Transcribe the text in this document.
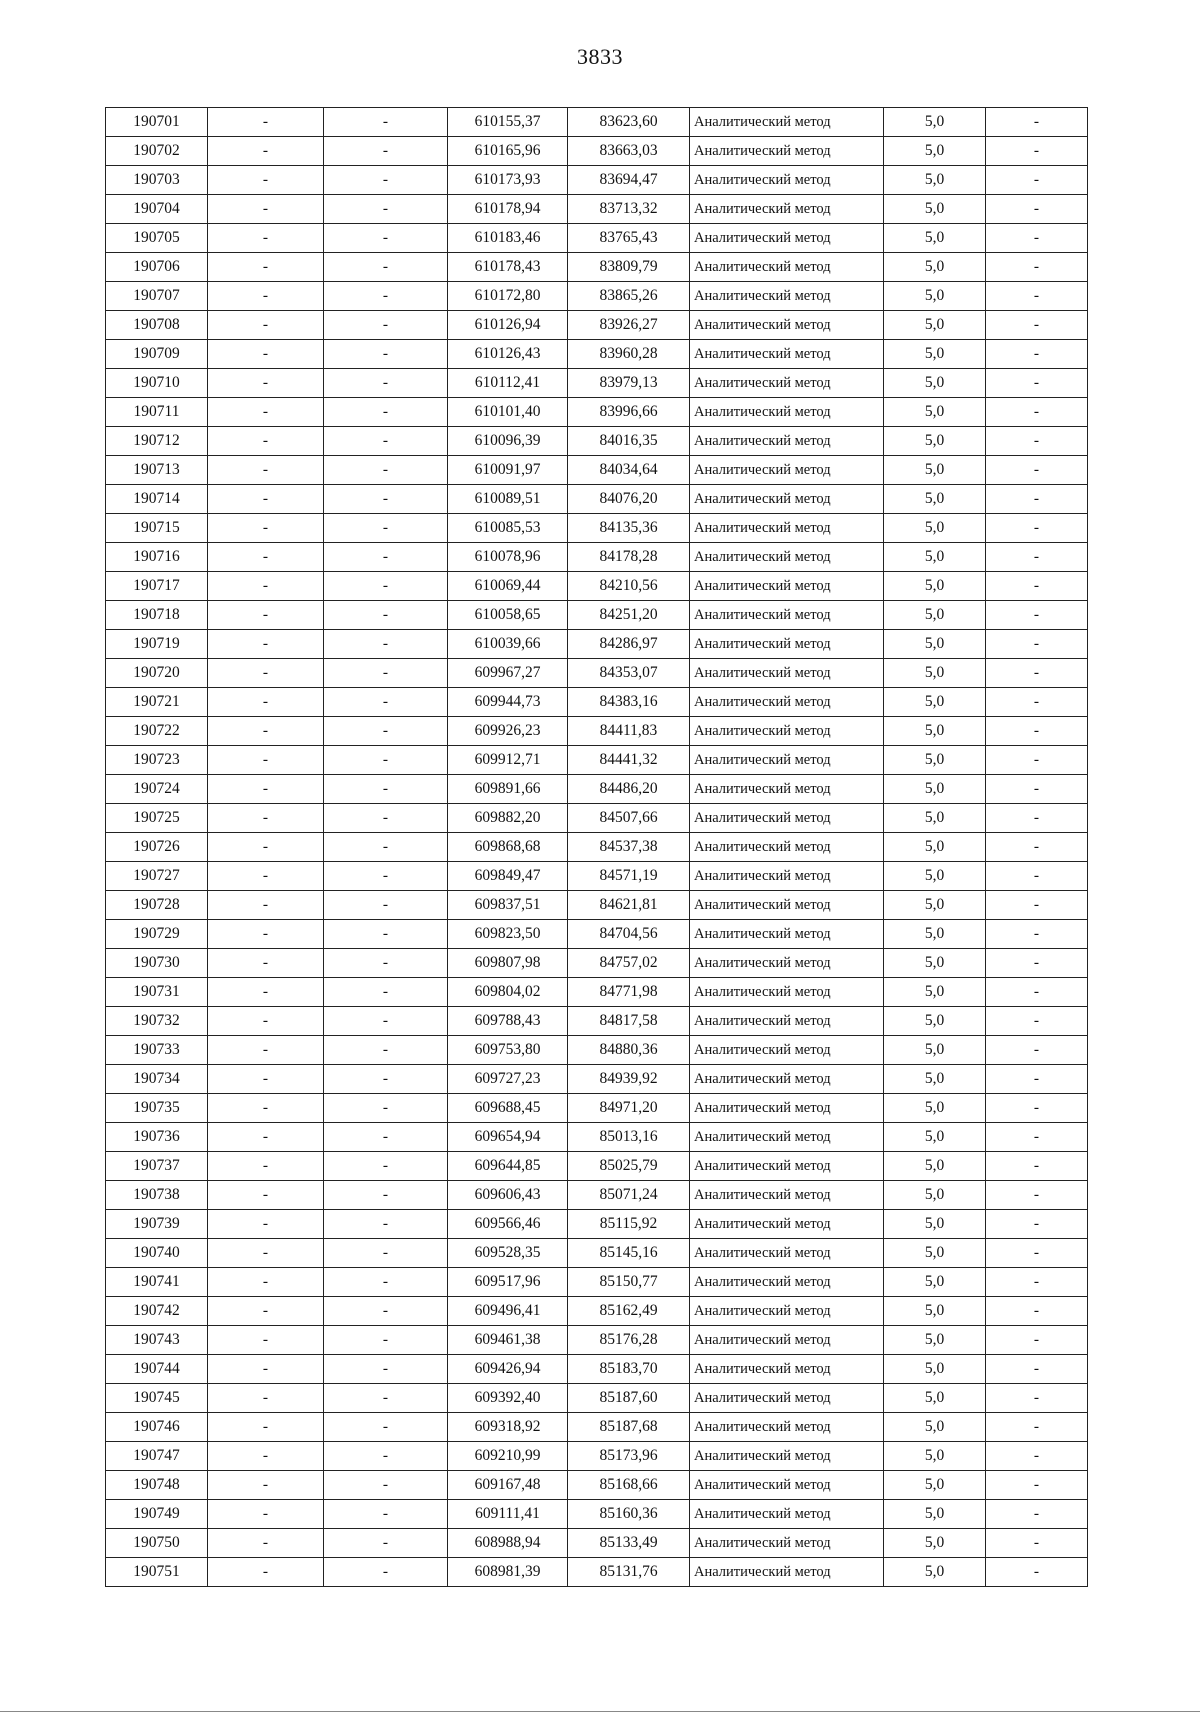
3833
190701	-	-	610155,37	83623,60	Аналитический метод	5,0	-
190702	-	-	610165,96	83663,03	Аналитический метод	5,0	-
190703	-	-	610173,93	83694,47	Аналитический метод	5,0	-
190704	-	-	610178,94	83713,32	Аналитический метод	5,0	-
190705	-	-	610183,46	83765,43	Аналитический метод	5,0	-
190706	-	-	610178,43	83809,79	Аналитический метод	5,0	-
190707	-	-	610172,80	83865,26	Аналитический метод	5,0	-
190708	-	-	610126,94	83926,27	Аналитический метод	5,0	-
190709	-	-	610126,43	83960,28	Аналитический метод	5,0	-
190710	-	-	610112,41	83979,13	Аналитический метод	5,0	-
190711	-	-	610101,40	83996,66	Аналитический метод	5,0	-
190712	-	-	610096,39	84016,35	Аналитический метод	5,0	-
190713	-	-	610091,97	84034,64	Аналитический метод	5,0	-
190714	-	-	610089,51	84076,20	Аналитический метод	5,0	-
190715	-	-	610085,53	84135,36	Аналитический метод	5,0	-
190716	-	-	610078,96	84178,28	Аналитический метод	5,0	-
190717	-	-	610069,44	84210,56	Аналитический метод	5,0	-
190718	-	-	610058,65	84251,20	Аналитический метод	5,0	-
190719	-	-	610039,66	84286,97	Аналитический метод	5,0	-
190720	-	-	609967,27	84353,07	Аналитический метод	5,0	-
190721	-	-	609944,73	84383,16	Аналитический метод	5,0	-
190722	-	-	609926,23	84411,83	Аналитический метод	5,0	-
190723	-	-	609912,71	84441,32	Аналитический метод	5,0	-
190724	-	-	609891,66	84486,20	Аналитический метод	5,0	-
190725	-	-	609882,20	84507,66	Аналитический метод	5,0	-
190726	-	-	609868,68	84537,38	Аналитический метод	5,0	-
190727	-	-	609849,47	84571,19	Аналитический метод	5,0	-
190728	-	-	609837,51	84621,81	Аналитический метод	5,0	-
190729	-	-	609823,50	84704,56	Аналитический метод	5,0	-
190730	-	-	609807,98	84757,02	Аналитический метод	5,0	-
190731	-	-	609804,02	84771,98	Аналитический метод	5,0	-
190732	-	-	609788,43	84817,58	Аналитический метод	5,0	-
190733	-	-	609753,80	84880,36	Аналитический метод	5,0	-
190734	-	-	609727,23	84939,92	Аналитический метод	5,0	-
190735	-	-	609688,45	84971,20	Аналитический метод	5,0	-
190736	-	-	609654,94	85013,16	Аналитический метод	5,0	-
190737	-	-	609644,85	85025,79	Аналитический метод	5,0	-
190738	-	-	609606,43	85071,24	Аналитический метод	5,0	-
190739	-	-	609566,46	85115,92	Аналитический метод	5,0	-
190740	-	-	609528,35	85145,16	Аналитический метод	5,0	-
190741	-	-	609517,96	85150,77	Аналитический метод	5,0	-
190742	-	-	609496,41	85162,49	Аналитический метод	5,0	-
190743	-	-	609461,38	85176,28	Аналитический метод	5,0	-
190744	-	-	609426,94	85183,70	Аналитический метод	5,0	-
190745	-	-	609392,40	85187,60	Аналитический метод	5,0	-
190746	-	-	609318,92	85187,68	Аналитический метод	5,0	-
190747	-	-	609210,99	85173,96	Аналитический метод	5,0	-
190748	-	-	609167,48	85168,66	Аналитический метод	5,0	-
190749	-	-	609111,41	85160,36	Аналитический метод	5,0	-
190750	-	-	608988,94	85133,49	Аналитический метод	5,0	-
190751	-	-	608981,39	85131,76	Аналитический метод	5,0	-
